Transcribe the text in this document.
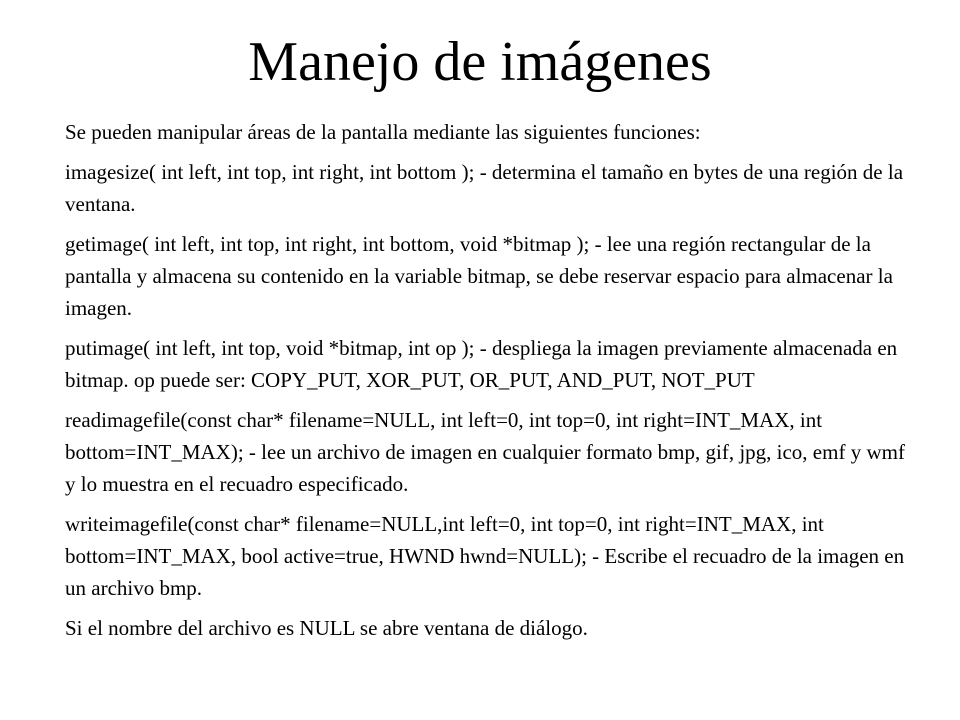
Manejo de imágenes

Se pueden manipular áreas de la pantalla mediante las siguientes funciones:

imagesize( int left, int top, int right, int bottom ); - determina el tamaño en bytes de una región de la ventana.

getimage( int left, int top, int right, int bottom, void *bitmap ); - lee una región rectangular de la pantalla y almacena su contenido en la variable bitmap, se debe reservar espacio para almacenar la imagen.

putimage( int left, int top, void *bitmap, int op ); - despliega la imagen previamente almacenada en bitmap. op puede ser: COPY_PUT, XOR_PUT, OR_PUT, AND_PUT, NOT_PUT

readimagefile(const char* filename=NULL, int left=0, int top=0, int right=INT_MAX, int bottom=INT_MAX); - lee un archivo de imagen en cualquier formato bmp, gif, jpg, ico, emf y wmf y lo muestra en el recuadro especificado.

writeimagefile(const char* filename=NULL,int left=0, int top=0, int right=INT_MAX, int bottom=INT_MAX, bool active=true, HWND hwnd=NULL); - Escribe el recuadro de la imagen en un archivo bmp.

Si el nombre del archivo es NULL se abre ventana de diálogo.
